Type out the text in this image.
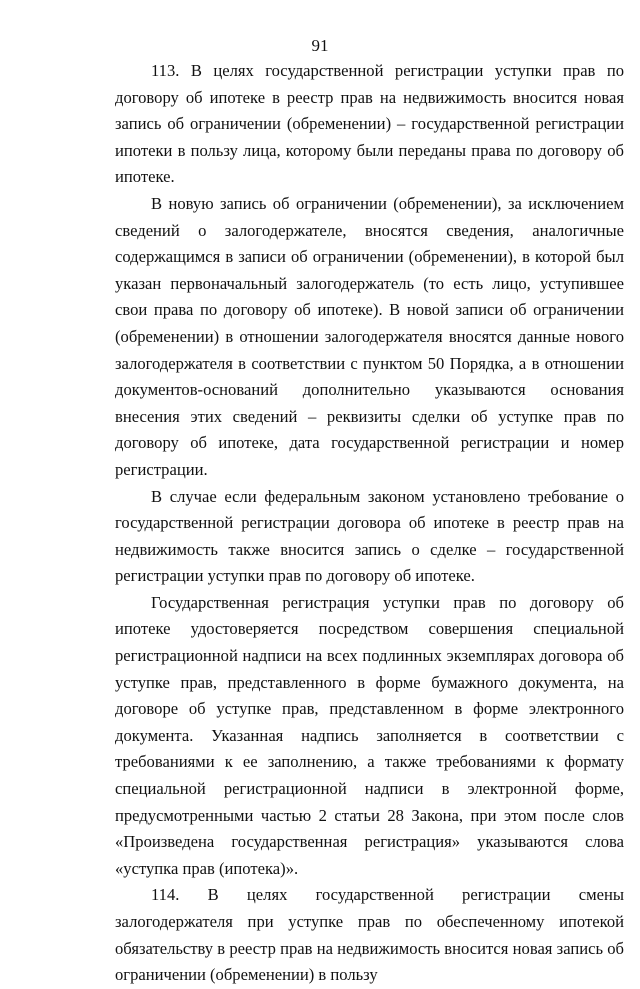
91

113. В целях государственной регистрации уступки прав по договору об ипотеке в реестр прав на недвижимость вносится новая запись об ограничении (обременении) – государственной регистрации ипотеки в пользу лица, которому были переданы права по договору об ипотеке.

В новую запись об ограничении (обременении), за исключением сведений о залогодержателе, вносятся сведения, аналогичные содержащимся в записи об ограничении (обременении), в которой был указан первоначальный залогодержатель (то есть лицо, уступившее свои права по договору об ипотеке). В новой записи об ограничении (обременении) в отношении залогодержателя вносятся данные нового залогодержателя в соответствии с пунктом 50 Порядка, а в отношении документов-оснований дополнительно указываются основания внесения этих сведений – реквизиты сделки об уступке прав по договору об ипотеке, дата государственной регистрации и номер регистрации.

В случае если федеральным законом установлено требование о государственной регистрации договора об ипотеке в реестр прав на недвижимость также вносится запись о сделке – государственной регистрации уступки прав по договору об ипотеке.

Государственная регистрация уступки прав по договору об ипотеке удостоверяется посредством совершения специальной регистрационной надписи на всех подлинных экземплярах договора об уступке прав, представленного в форме бумажного документа, на договоре об уступке прав, представленном в форме электронного документа. Указанная надпись заполняется в соответствии с требованиями к ее заполнению, а также требованиями к формату специальной регистрационной надписи в электронной форме, предусмотренными частью 2 статьи 28 Закона, при этом после слов «Произведена государственная регистрация» указываются слова «уступка прав (ипотека)».

114. В целях государственной регистрации смены залогодержателя при уступке прав по обеспеченному ипотекой обязательству в реестр прав на недвижимость вносится новая запись об ограничении (обременении) в пользу
